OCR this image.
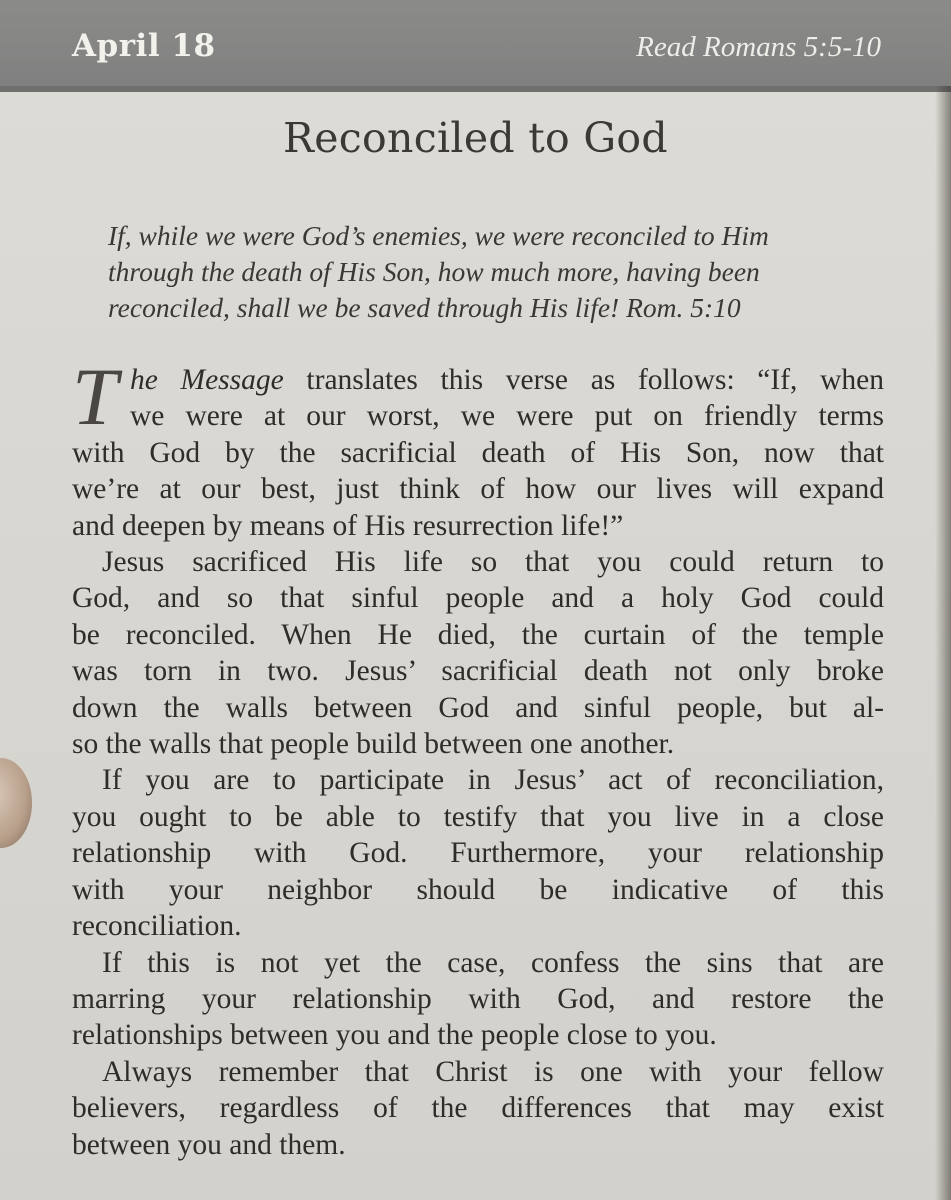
April 18	Read Romans 5:5-10
Reconciled to God
If, while we were God’s enemies, we were reconciled to Him
through the death of His Son, how much more, having been
reconciled, shall we be saved through His life! Rom. 5:10
T he Message translates this verse as follows: “If, when
we were at our worst, we were put on friendly terms
with God by the sacrificial death of His Son, now that
we’re at our best, just think of how our lives will expand
and deepen by means of His resurrection life!”
Jesus sacrificed His life so that you could return to
God, and so that sinful people and a holy God could
be reconciled. When He died, the curtain of the temple
was torn in two. Jesus’ sacrificial death not only broke
down the walls between God and sinful people, but al-
so the walls that people build between one another.
If you are to participate in Jesus’ act of reconciliation,
you ought to be able to testify that you live in a close
relationship with God. Furthermore, your relationship
with your neighbor should be indicative of this
reconciliation.
If this is not yet the case, confess the sins that are
marring your relationship with God, and restore the
relationships between you and the people close to you.
Always remember that Christ is one with your fellow
believers, regardless of the differences that may exist
between you and them.
